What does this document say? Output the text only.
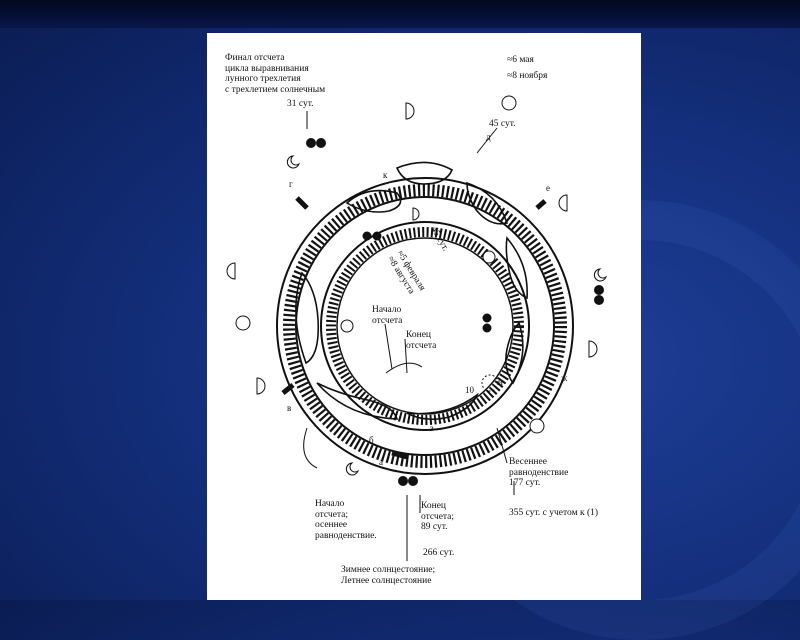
г
к
д
е
ж
и
в
б
з
а
10
Финал отсчета
цикла выравнивания
лунного трехлетия
с трехлетием солнечным
31 сут.
≈6 мая
≈8 ноября
45 сут.
45 сут.
≈5 февраля
≈8 августа
Начало
отсчета
Конец
отсчета
Начало
отсчета;
осеннее
равноденствие.
Конец
отсчета;
89 сут.
266 сут.
Зимнее солнцестояние;
Летнее солнцестояние
Весеннее
равноденствие
177 сут.
355 сут. с учетом к (1)
